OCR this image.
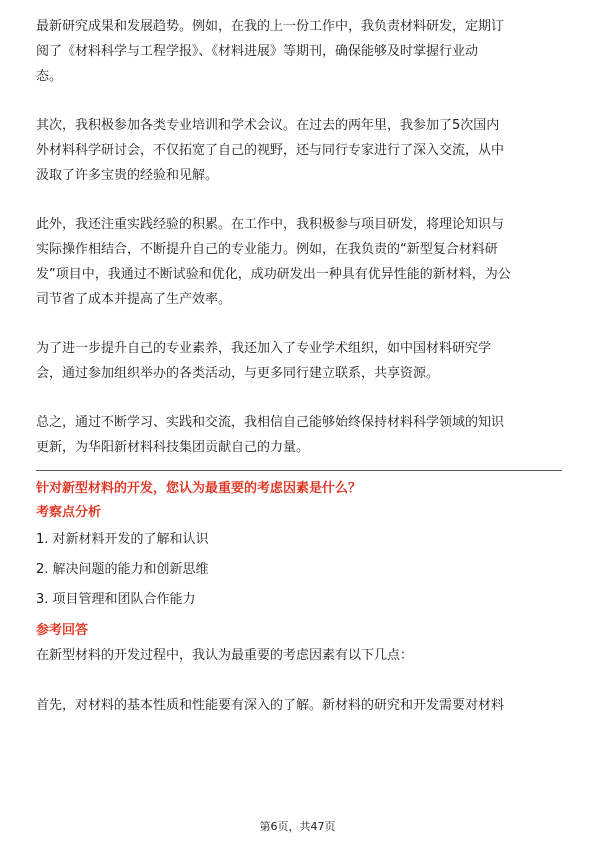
最新研究成果和发展趋势。例如，在我的上一份工作中，我负责材料研发，定期订
阅了《材料科学与工程学报》、《材料进展》等期刊，确保能够及时掌握行业动
态。

其次，我积极参加各类专业培训和学术会议。在过去的两年里，我参加了5次国内
外材料科学研讨会，不仅拓宽了自己的视野，还与同行专家进行了深入交流，从中
汲取了许多宝贵的经验和见解。

此外，我还注重实践经验的积累。在工作中，我积极参与项目研发，将理论知识与
实际操作相结合，不断提升自己的专业能力。例如，在我负责的“新型复合材料研
发”项目中，我通过不断试验和优化，成功研发出一种具有优异性能的新材料，为公
司节省了成本并提高了生产效率。

为了进一步提升自己的专业素养，我还加入了专业学术组织，如中国材料研究学
会，通过参加组织举办的各类活动，与更多同行建立联系，共享资源。

总之，通过不断学习、实践和交流，我相信自己能够始终保持材料科学领域的知识
更新，为华阳新材料科技集团贡献自己的力量。

针对新型材料的开发，您认为最重要的考虑因素是什么？

考察点分析

1. 对新材料开发的了解和认识

2. 解决问题的能力和创新思维

3. 项目管理和团队合作能力

参考回答

在新型材料的开发过程中，我认为最重要的考虑因素有以下几点：

首先，对材料的基本性质和性能要有深入的了解。新材料的研究和开发需要对材料

第6页，共47页
